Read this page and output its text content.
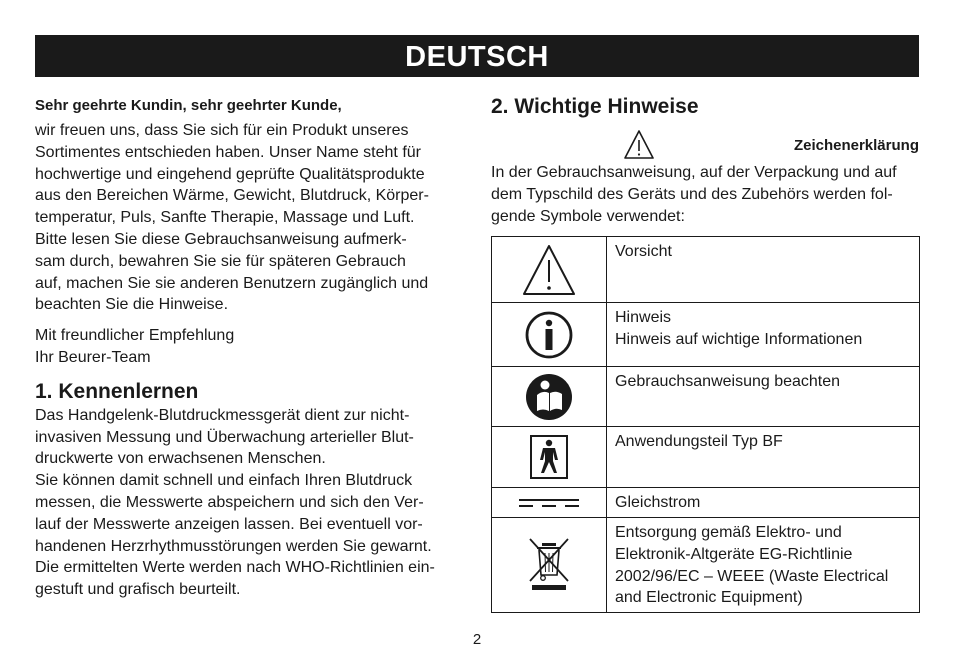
DEUTSCH
Sehr geehrte Kundin, sehr geehrter Kunde,

wir freuen uns, dass Sie sich für ein Produkt unseres
Sortimentes entschieden haben. Unser Name steht für
hochwertige und eingehend geprüfte Qualitätsprodukte
aus den Bereichen Wärme, Gewicht, Blutdruck, Körper-
temperatur, Puls, Sanfte Therapie, Massage und Luft.
Bitte lesen Sie diese Gebrauchsanweisung aufmerk-
sam durch, bewahren Sie sie für späteren Gebrauch
auf, machen Sie sie anderen Benutzern zugänglich und
beachten Sie die Hinweise.

Mit freundlicher Empfehlung
Ihr Beurer-Team

1. Kennenlernen

Das Handgelenk-Blutdruckmessgerät dient zur nicht-
invasiven Messung und Überwachung arterieller Blut-
druckwerte von erwachsenen Menschen.
Sie können damit schnell und einfach Ihren Blutdruck
messen, die Messwerte abspeichern und sich den Ver-
lauf der Messwerte anzeigen lassen. Bei eventuell vor-
handenen Herzrhythmusstörungen werden Sie gewarnt.
Die ermittelten Werte werden nach WHO-Richtlinien ein-
gestuft und grafisch beurteilt.

2. Wichtige Hinweise
Zeichenerklärung

In der Gebrauchsanweisung, auf der Verpackung und auf
dem Typschild des Geräts und des Zubehörs werden fol-
gende Symbole verwendet:

Vorsicht

Hinweis
Hinweis auf wichtige Informationen

Gebrauchsanweisung beachten

Anwendungsteil Typ BF

Gleichstrom

Entsorgung gemäß Elektro- und
Elektronik-Altgeräte EG-Richtlinie
2002/96/EC – WEEE (Waste Electrical
and Electronic Equipment)

2
